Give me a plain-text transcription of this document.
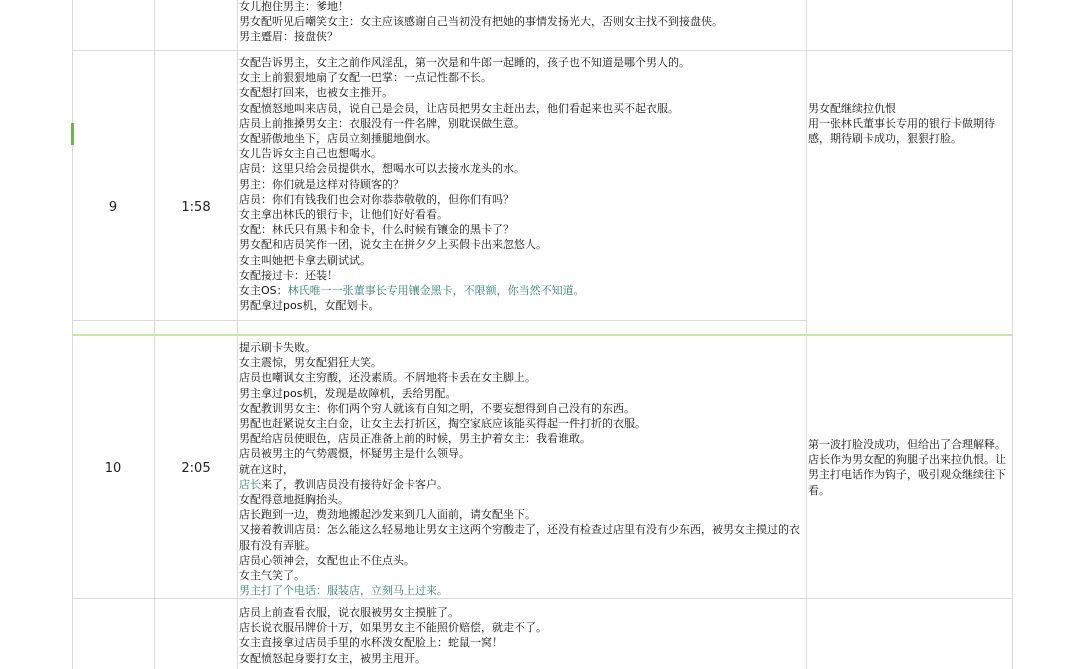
女儿抱住男主：爹地！
男女配听见后嘲笑女主：女主应该感谢自己当初没有把她的事情发扬光大，否则女主找不到接盘侠。
男主蹙眉：接盘侠？
9	1:58
女配告诉男主，女主之前作风淫乱，第一次是和牛郎一起睡的，孩子也不知道是哪个男人的。
女主上前狠狠地扇了女配一巴掌：一点记性都不长。
女配想打回来，也被女主推开。
女配愤怒地叫来店员，说自己是会员，让店员把男女主赶出去，他们看起来也买不起衣服。
店员上前推搡男女主：衣服没有一件名牌，别耽误做生意。
女配骄傲地坐下，店员立刻捶腿地倒水。
女儿告诉女主自己也想喝水。
店员：这里只给会员提供水，想喝水可以去接水龙头的水。
男主：你们就是这样对待顾客的？
店员：你们有钱我们也会对你恭恭敬敬的，但你们有吗？
女主拿出林氏的银行卡，让他们好好看看。
女配：林氏只有黑卡和金卡，什么时候有镶金的黑卡了？
男女配和店员笑作一团，说女主在拼夕夕上买假卡出来忽悠人。
女主叫她把卡拿去刷试试。
女配接过卡：还装！
女主OS：林氏唯一一张董事长专用镶金黑卡，不限额，你当然不知道。
男配拿过pos机，女配划卡。
男女配继续拉仇恨
用一张林氏董事长专用的银行卡做期待感，期待刷卡成功，狠狠打脸。
10	2:05
提示刷卡失败。
女主震惊，男女配猖狂大笑。
店员也嘲讽女主穷酸，还没素质。不屑地将卡丢在女主脚上。
男主拿过pos机，发现是故障机，丢给男配。
女配教训男女主：你们两个穷人就该有自知之明，不要妄想得到自己没有的东西。
男配也赶紧说女主白金，让女主去打折区，掏空家底应该能买得起一件打折的衣服。
男配给店员使眼色，店员正准备上前的时候，男主护着女主：我看谁敢。
店员被男主的气势震慑，怀疑男主是什么领导。
就在这时，
店长来了，教训店员没有接待好金卡客户。
女配得意地挺胸抬头。
店长跑到一边，费劲地搬起沙发来到几人面前，请女配坐下。
又接着教训店员：怎么能这么轻易地让男女主这两个穷酸走了，还没有检查过店里有没有少东西，被男女主摸过的衣服有没有弄脏。
店员心领神会，女配也止不住点头。
女主气笑了。
男主打了个电话：服装店，立刻马上过来。
第一波打脸没成功，但给出了合理解释。店长作为男女配的狗腿子出来拉仇恨。让男主打电话作为钩子，吸引观众继续往下看。
店员上前查看衣服，说衣服被男女主摸脏了。
店长说衣服吊牌价十万，如果男女主不能照价赔偿，就走不了。
女主直接拿过店员手里的水杯泼女配脸上：蛇鼠一窝！
女配愤怒起身要打女主，被男主甩开。
